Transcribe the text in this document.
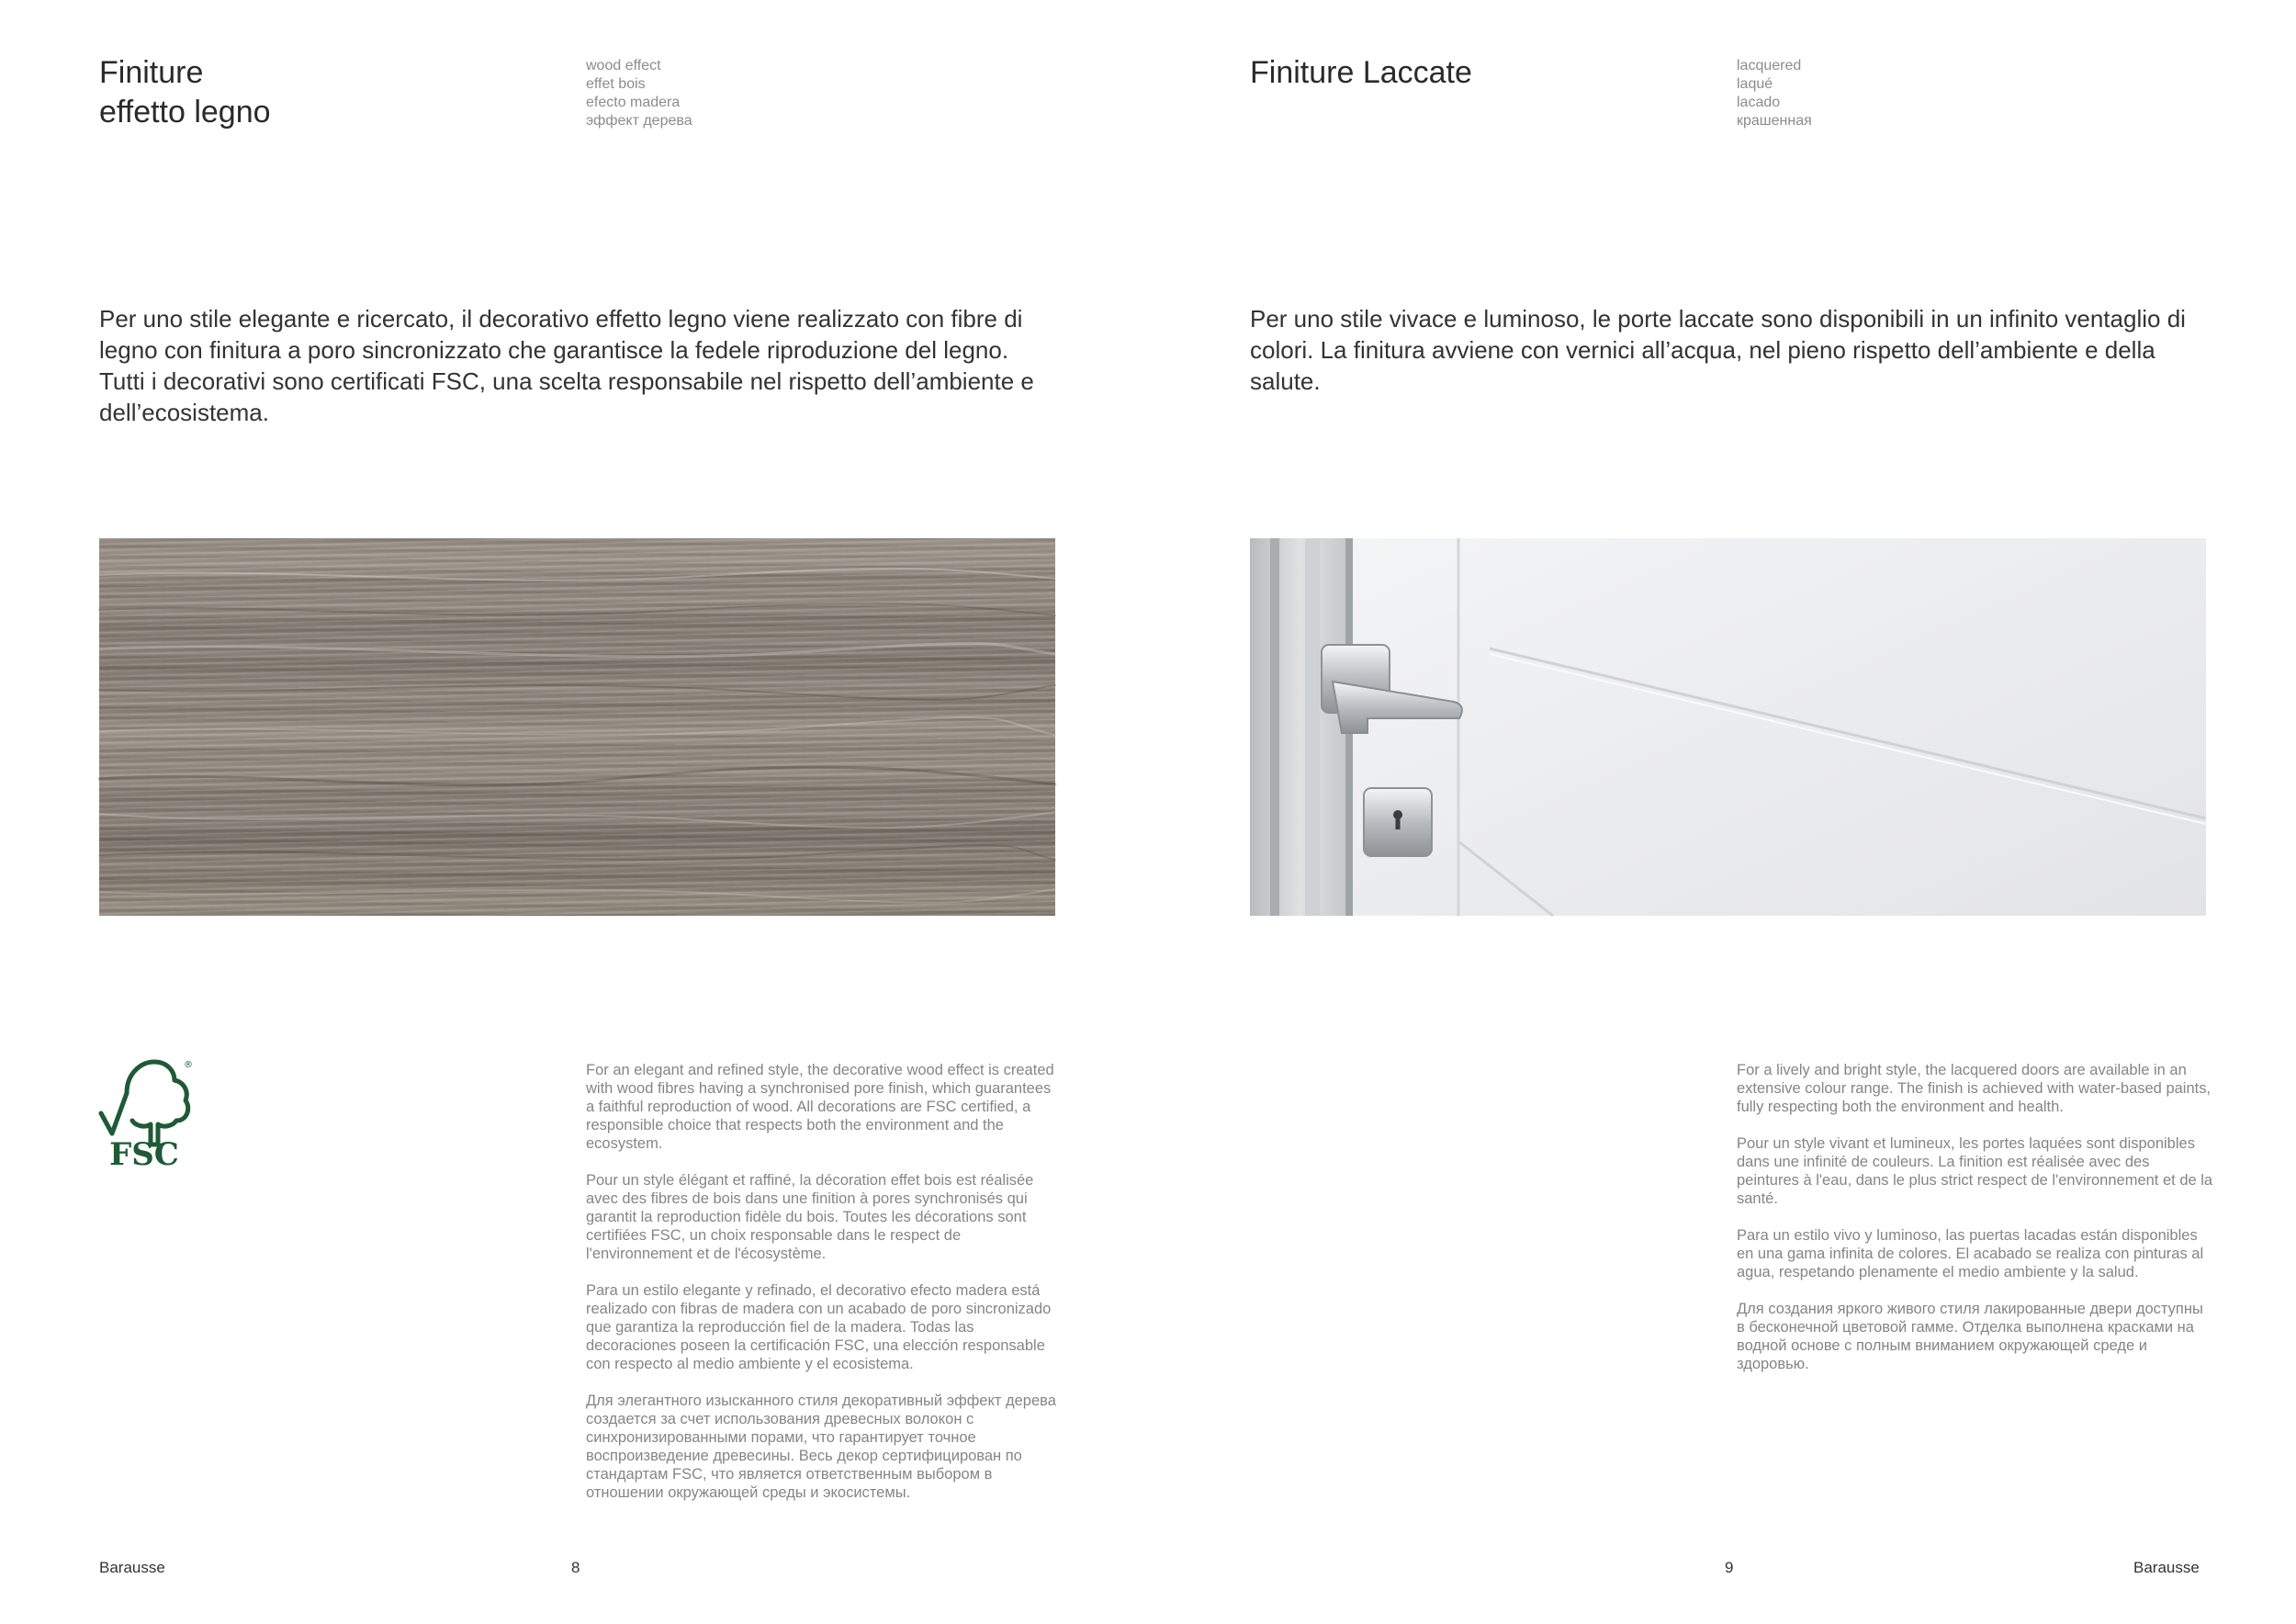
Finiture
effetto legno
wood effect
effet bois
efecto madera
эффект дерева

Per uno stile elegante e ricercato, il decorativo effetto legno viene realizzato con fibre di legno con finitura a poro sincronizzato che garantisce la fedele riproduzione del legno. Tutti i decorativi sono certificati FSC, una scelta responsabile nel rispetto dell’ambiente e dell’ecosistema.

®
FSC

For an elegant and refined style, the decorative wood effect is created with wood fibres having a synchronised pore finish, which guarantees a faithful reproduction of wood. All decorations are FSC certified, a responsible choice that respects both the environment and the ecosystem.

Pour un style élégant et raffiné, la décoration effet bois est réalisée avec des fibres de bois dans une finition à pores synchronisés qui garantit la reproduction fidèle du bois. Toutes les décorations sont certifiées FSC, un choix responsable dans le respect de l'environnement et de l'écosystème.

Para un estilo elegante y refinado, el decorativo efecto madera está realizado con fibras de madera con un acabado de poro sincronizado que garantiza la reproducción fiel de la madera. Todas las decoraciones poseen la certificación FSC, una elección responsable con respecto al medio ambiente y el ecosistema.

Для элегантного изысканного стиля декоративный эффект дерева создается за счет использования древесных волокон с синхронизированными порами, что гарантирует точное воспроизведение древесины. Весь декор сертифицирован по стандартам FSC, что является ответственным выбором в отношении окружающей среды и экосистемы.

Barausse	8

Finiture Laccate	lacquered
laqué
lacado
крашенная

Per uno stile vivace e luminoso, le porte laccate sono disponibili in un infinito ventaglio di colori. La finitura avviene con vernici all’acqua, nel pieno rispetto dell’ambiente e della salute.

For a lively and bright style, the lacquered doors are available in an extensive colour range. The finish is achieved with water-based paints, fully respecting both the environment and health.

Pour un style vivant et lumineux, les portes laquées sont disponibles dans une infinité de couleurs. La finition est réalisée avec des peintures à l'eau, dans le plus strict respect de l'environnement et de la santé.

Para un estilo vivo y luminoso, las puertas lacadas están disponibles en una gama infinita de colores. El acabado se realiza con pinturas al agua, respetando plenamente el medio ambiente y la salud.

Для создания яркого живого стиля лакированные двери доступны в бесконечной цветовой гамме. Отделка выполнена красками на водной основе с полным вниманием окружающей среде и здоровью.

9	Barausse
